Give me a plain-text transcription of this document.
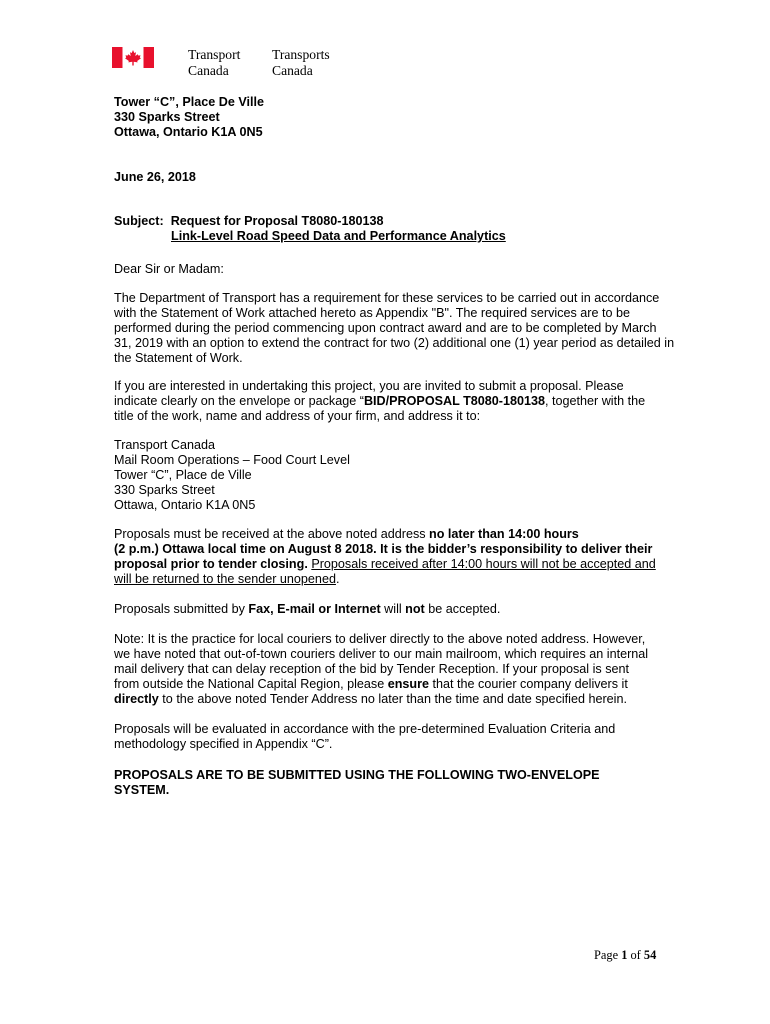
Transport
Canada
Transports
Canada
Tower “C”, Place De Ville
330 Sparks Street
Ottawa, Ontario K1A 0N5
June 26, 2018
Subject: Request for Proposal T8080-180138
Link-Level Road Speed Data and Performance Analytics
Dear Sir or Madam:
The Department of Transport has a requirement for these services to be carried out in accordance
with the Statement of Work attached hereto as Appendix "B". The required services are to be
performed during the period commencing upon contract award and are to be completed by March
31, 2019 with an option to extend the contract for two (2) additional one (1) year period as detailed in
the Statement of Work.
If you are interested in undertaking this project, you are invited to submit a proposal. Please
indicate clearly on the envelope or package “BID/PROPOSAL T8080-180138, together with the
title of the work, name and address of your firm, and address it to:
Transport Canada
Mail Room Operations – Food Court Level
Tower “C”, Place de Ville
330 Sparks Street
Ottawa, Ontario K1A 0N5
Proposals must be received at the above noted address no later than 14:00 hours
(2 p.m.) Ottawa local time on August 8 2018. It is the bidder’s responsibility to deliver their
proposal prior to tender closing. Proposals received after 14:00 hours will not be accepted and
will be returned to the sender unopened.
Proposals submitted by Fax, E-mail or Internet will not be accepted.
Note: It is the practice for local couriers to deliver directly to the above noted address. However,
we have noted that out-of-town couriers deliver to our main mailroom, which requires an internal
mail delivery that can delay reception of the bid by Tender Reception. If your proposal is sent
from outside the National Capital Region, please ensure that the courier company delivers it
directly to the above noted Tender Address no later than the time and date specified herein.
Proposals will be evaluated in accordance with the pre-determined Evaluation Criteria and
methodology specified in Appendix “C”.
PROPOSALS ARE TO BE SUBMITTED USING THE FOLLOWING TWO-ENVELOPE
SYSTEM.
Page 1 of 54
